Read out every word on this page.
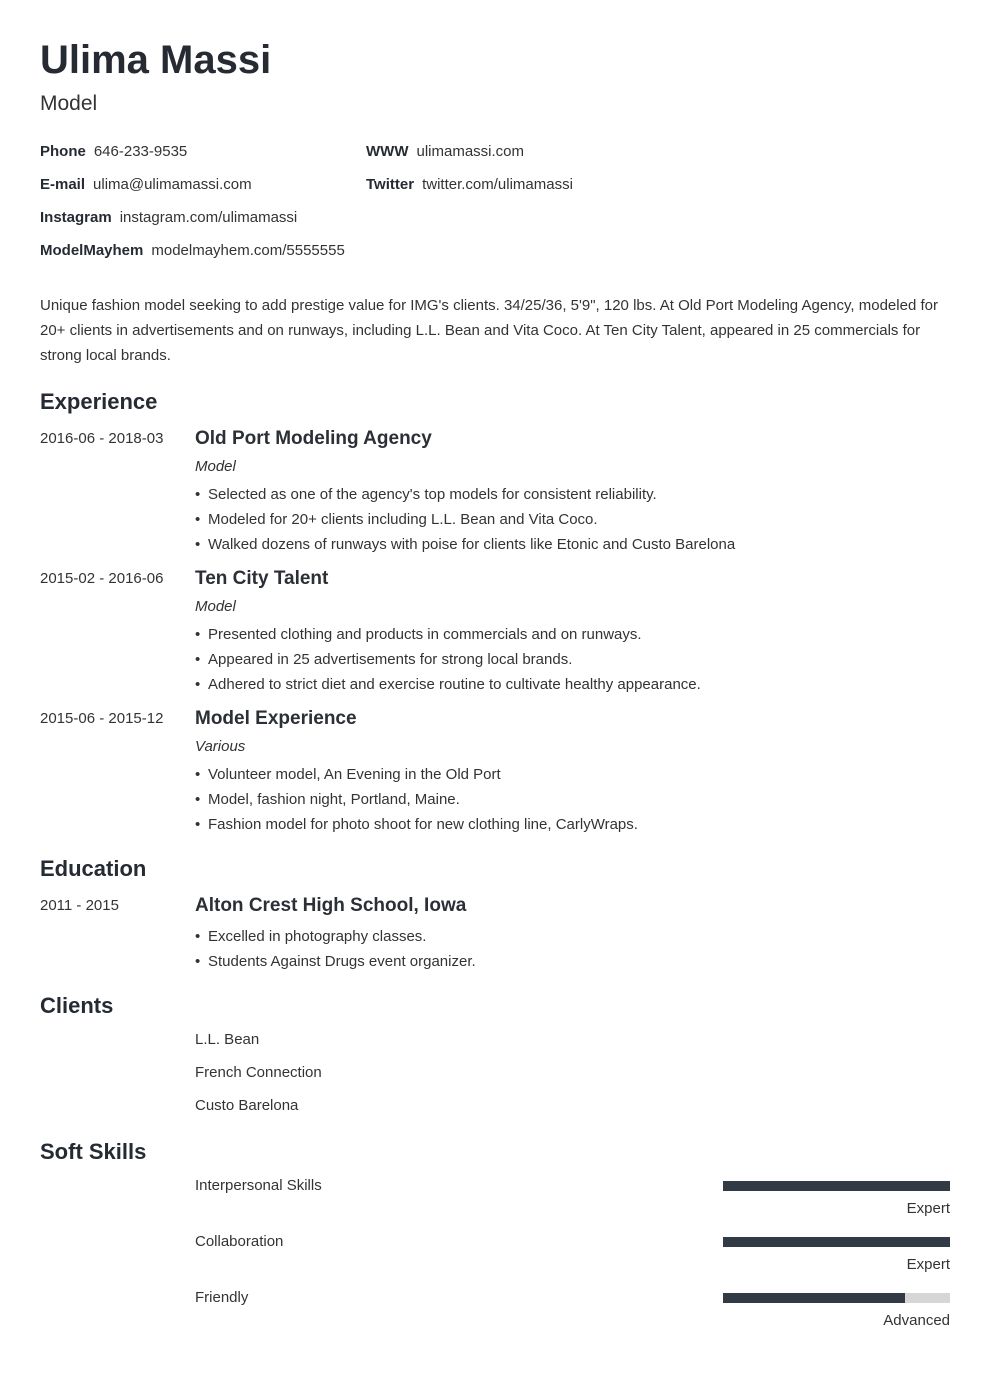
Ulima Massi
Model
Phone 646-233-9535	WWW ulimamassi.com
E-mail ulima@ulimamassi.com	Twitter twitter.com/ulimamassi
Instagram instagram.com/ulimamassi
ModelMayhem modelmayhem.com/5555555
Unique fashion model seeking to add prestige value for IMG's clients. 34/25/36, 5'9", 120 lbs. At Old Port Modeling Agency, modeled for 20+ clients in advertisements and on runways, including L.L. Bean and Vita Coco. At Ten City Talent, appeared in 25 commercials for strong local brands.
Experience
2016-06 - 2018-03 Old Port Modeling Agency
Model
• Selected as one of the agency's top models for consistent reliability.
• Modeled for 20+ clients including L.L. Bean and Vita Coco.
• Walked dozens of runways with poise for clients like Etonic and Custo Barelona
2015-02 - 2016-06 Ten City Talent
Model
• Presented clothing and products in commercials and on runways.
• Appeared in 25 advertisements for strong local brands.
• Adhered to strict diet and exercise routine to cultivate healthy appearance.
2015-06 - 2015-12 Model Experience
Various
• Volunteer model, An Evening in the Old Port
• Model, fashion night, Portland, Maine.
• Fashion model for photo shoot for new clothing line, CarlyWraps.
Education
2011 - 2015	Alton Crest High School, Iowa
• Excelled in photography classes.
• Students Against Drugs event organizer.
Clients
L.L. Bean
French Connection
Custo Barelona
Soft Skills
Interpersonal Skills
Expert
Collaboration
Expert
Friendly
Advanced
